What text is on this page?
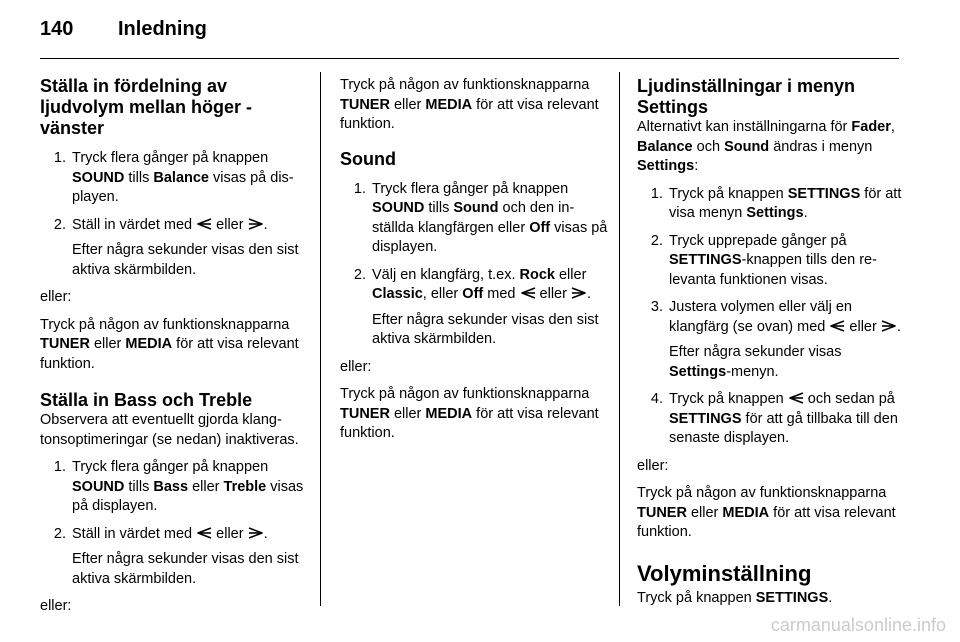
140 Inledning
Ställa in fördelning av ljudvolym mellan höger - vänster
1. Tryck flera gånger på knappen SOUND tills Balance visas på displayen.

2. Ställ in värdet med  eller .

Efter några sekunder visas den sist aktiva skärmbilden.

eller:

Tryck på någon av funktionsknapparna TUNER eller MEDIA för att visa relevant funktion.

Ställa in Bass och Treble

Observera att eventuellt gjorda klangtonsoptimeringar (se nedan) inaktiveras.

1. Tryck flera gånger på knappen SOUND tills Bass eller Treble visas på displayen.

2. Ställ in värdet med  eller .

Efter några sekunder visas den sist aktiva skärmbilden.

eller:

Tryck på någon av funktionsknapparna TUNER eller MEDIA för att visa relevant funktion.

Sound
1. Tryck flera gånger på knappen SOUND tills Sound och den inställda klangfärgen eller Off visas på displayen.

2. Välj en klangfärg, t.ex. Rock eller Classic, eller Off med  eller .

Efter några sekunder visas den sist aktiva skärmbilden.

eller:

Tryck på någon av funktionsknapparna TUNER eller MEDIA för att visa relevant funktion.

Ljudinställningar i menyn Settings

Alternativt kan inställningarna för Fader, Balance och Sound ändras i menyn Settings:

1. Tryck på knappen SETTINGS för att visa menyn Settings.

2. Tryck upprepade gånger på SETTINGS-knappen tills den relevanta funktionen visas.

3. Justera volymen eller välj en klangfärg (se ovan) med  eller .

Efter några sekunder visas Settings-menyn.

4. Tryck på knappen  och sedan på SETTINGS för att gå tillbaka till den senaste displayen.

eller:

Tryck på någon av funktionsknapparna TUNER eller MEDIA för att visa relevant funktion.

Volyminställning

Tryck på knappen SETTINGS.

carmanualsonline.info
